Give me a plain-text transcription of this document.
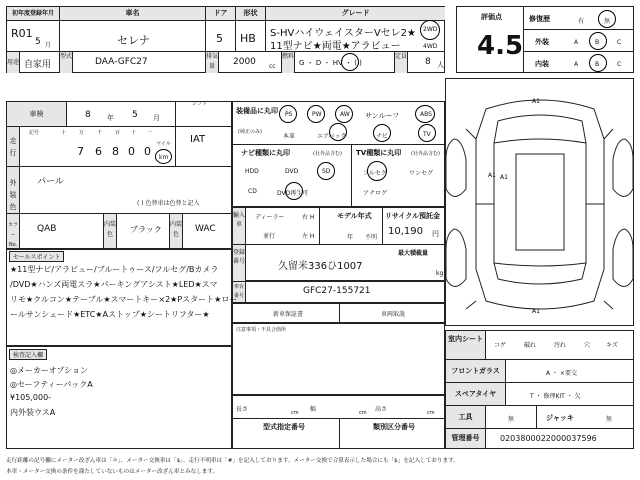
初年度登録年月	車名	ドア	形状	グレード
R01
5 月	セレナ	5 HB S-HVハイウェイスターVセレ2★
11型ナビ★両電★アラビュー
2WD
4WD
用途 自家用
型式
DAA-GFC27
排気量	2000 cc
燃料
G ・ D ・ HV ・ ( )
定員
8 人
車検	8 年 5 月
走行
記号	十	万	千	百 十 一
7 6 8 0 0
マイル
km
シフト
IAT
外装色
パール
( ) 色替車は色替と記入
カラー No.
QAB	内装色
ブラック
内装色
WAC
装備品に丸印
(純正のみ)
PS	PW	AW サンルーフ	ABS
本革	エアバック	ナビ	TV
ナビ種類に丸印	(社外品含む)
HDD	DVD	SD
CD	DVD再生可
TV種類に丸印 (社外品含む)
フルセグ	ワンセグ
アナログ
輸入車
ディーラー
並行
右 H
左 H
モデル年式
年 不明
リサイクル預託金
10,190 円
登録番号
最大積載量
kg
久留米336ひ1007
車台番号	GFC27-155721
新車保証書	車両取説
注意事項・不具合箇所
長さ	cm 幅	cm 高さ	cm
型式指定番号	類別区分番号
セールスポイント
★11型ナビ/アラビュー/ブルートゥース/フルセグ/Bカメラ
/DVD★ハンズ両電スラ★パーキングアシスト★LED★スマ
リモ★クルコン★テーブル★スマートキー×2★Pスタート★ロー
ールサンシェード★ETC★Aストップ★シートリフター★
検査記入欄
◎メーカーオプション
◎セーフティーパックA
¥105,000-
内外装ウスA
評価点
4.5
修復歴	有	無
外装	A	B	C
内装	A	B	C
A1
A1
A1
A1
室内シート
コゲ	破れ	汚れ	穴	キズ
フロントガラス	A ・ ×要交
スペアタイヤ	T ・ 修理KIT ・ 欠
工具	無	ジャッキ	無
管理番号	0203800022000037596
走行距離の記号欄にメーター改ざん車は「＊」、メーター交換車は「$」、走行不明車は「#」を記入しております。メーター交換で合算表示した場合にも「$」を記入しております。
本車・メーター交換の条件を満たしていないものはメーター改ざん車とみなします。
